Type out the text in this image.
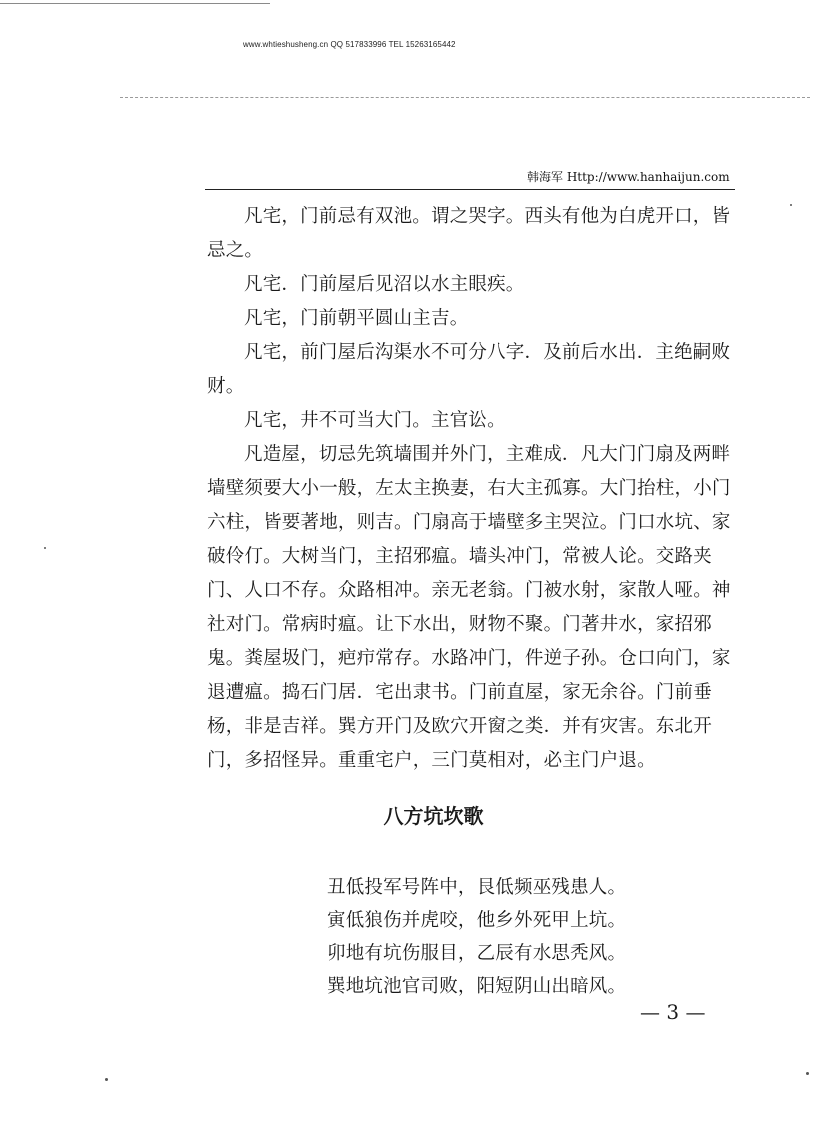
www.whtieshusheng.cn QQ 517833996 TEL 15263165442
韩海军 Http://www.hanhaijun.com

凡宅，门前忌有双池。谓之哭字。西头有他为白虎开口，皆忌之。

凡宅．门前屋后见沼以水主眼疾。

凡宅，门前朝平圆山主吉。

凡宅，前门屋后沟渠水不可分八字．及前后水出．主绝嗣败财。

凡宅，井不可当大门。主官讼。

凡造屋，切忌先筑墙围并外门，主难成．凡大门门扇及两畔墙壁须要大小一般，左太主换妻，右大主孤寡。大门抬柱，小门六柱，皆要著地，则吉。门扇高于墙壁多主哭泣。门口水坑、家破伶仃。大树当门，主招邪瘟。墙头冲门，常被人论。交路夹门、人口不存。众路相冲。亲无老翁。门被水射，家散人哑。神社对门。常病时瘟。让下水出，财物不聚。门著井水，家招邪鬼。粪屋圾门，疤疖常存。水路冲门，件逆子孙。仓口向门，家退遭瘟。捣石门居．宅出隶书。门前直屋，家无余谷。门前垂杨，非是吉祥。巽方开门及欧穴开窗之类．并有灾害。东北开门，多招怪异。重重宅户，三门莫相对，必主门户退。

八方坑坎歌
丑低投军号阵中，艮低频巫残患人。
寅低狼伤并虎咬，他乡外死甲上坑。
卯地有坑伤服目，乙辰有水思秃风。
巽地坑池官司败，阳短阴山出暗风。
— 3 —
